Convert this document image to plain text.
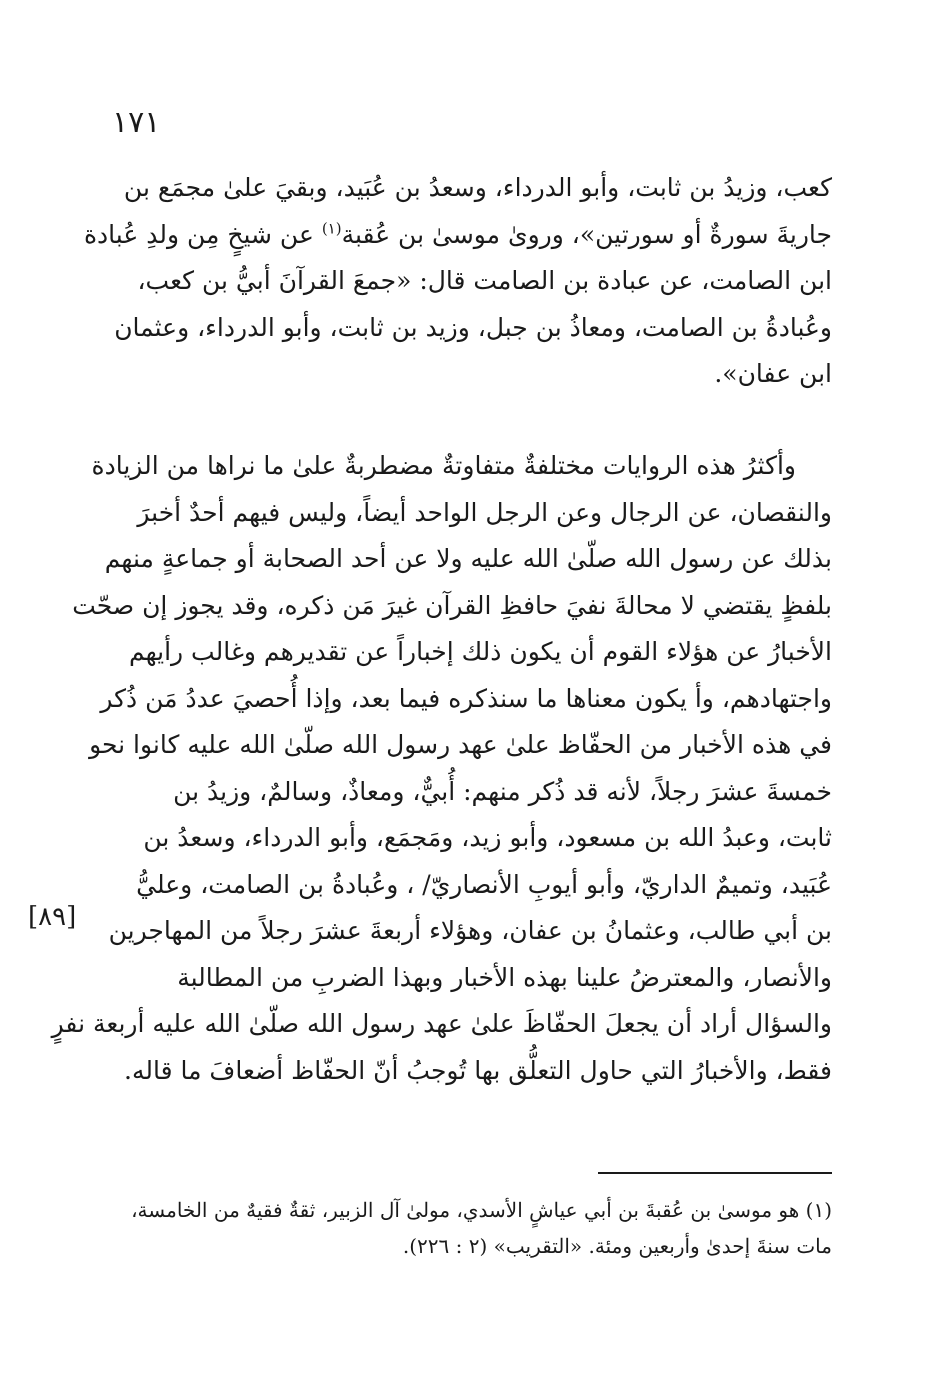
١٧١
كعب، وزيدُ بن ثابت، وأبو الدرداء، وسعدُ بن عُبَيد، وبقيَ علىٰ مجمَع بن
جاريةَ سورةٌ أو سورتين»، وروىٰ موسىٰ بن عُقبة$^{(١)}$ عن شيخٍ مِن ولدِ عُبادة
ابن الصامت، عن عبادة بن الصامت قال: «جمعَ القرآنَ أبيُّ بن كعب،
وعُبادةُ بن الصامت، ومعاذُ بن جبل، وزيد بن ثابت، وأبو الدرداء، وعثمان
ابن عفان».
وأكثرُ هذه الروايات مختلفةٌ متفاوتةٌ مضطربةٌ علىٰ ما نراها من الزيادة
والنقصان، عن الرجال وعن الرجل الواحد أيضاً، وليس فيهم أحدٌ أخبرَ
بذلك عن رسول الله صلّىٰ الله عليه ولا عن أحد الصحابة أو جماعةٍ منهم
بلفظٍ يقتضي لا محالةَ نفيَ حافظِ القرآن غيرَ مَن ذكره، وقد يجوز إن صحّت
الأخبارُ عن هؤلاء القوم أن يكون ذلك إخباراً عن تقديرهم وغالب رأيهم
واجتهادهم، وأ يكون معناها ما سنذكره فيما بعد، وإذا أُحصيَ عددُ مَن ذُكر
في هذه الأخبار من الحفّاظ علىٰ عهد رسول الله صلّىٰ الله عليه كانوا نحو
خمسةَ عشرَ رجلاً، لأنه قد ذُكر منهم: أُبيٌّ، ومعاذٌ، وسالمٌ، وزيدُ بن
ثابت، وعبدُ الله بن مسعود، وأبو زيد، ومَجمَع، وأبو الدرداء، وسعدُ بن
عُبَيد، وتميمٌ الداريّ، وأبو أيوبِ الأنصاريّ/ ، وعُبادةُ بن الصامت، وعليُّ
بن أبي طالب، وعثمانُ بن عفان، وهؤلاء أربعةَ عشرَ رجلاً من المهاجرين
والأنصار، والمعترضُ علينا بهذه الأخبار وبهذا الضربِ من المطالبة
والسؤال أراد أن يجعلَ الحفّاظَ علىٰ عهد رسول الله صلّىٰ الله عليه أربعة نفرٍ
فقط، والأخبارُ التي حاول التعلُّق بها تُوجبُ أنّ الحفّاظ أضعافَ ما قاله.
[٨٩]
(١) هو موسىٰ بن عُقبةَ بن أبي عياشٍ الأسدي، مولىٰ آل الزبير، ثقةٌ فقيهٌ من الخامسة،
مات سنةَ إحدىٰ وأربعين ومئة. «التقريب» (٢ : ٢٢٦).
